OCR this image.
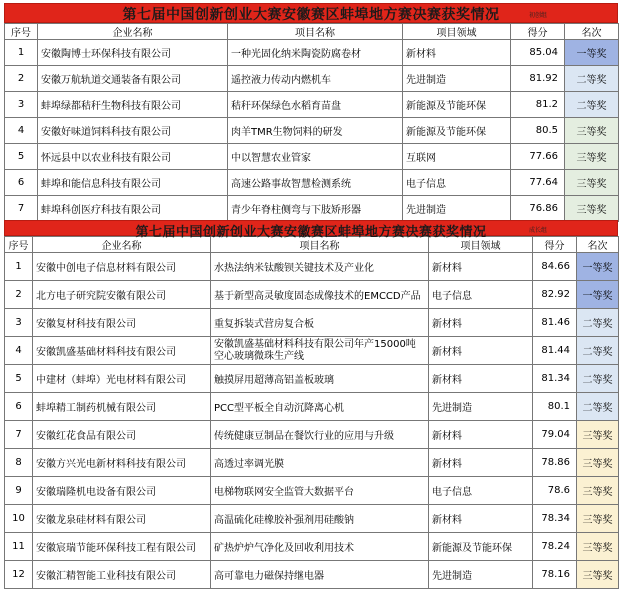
第七届中国创新创业大赛安徽赛区蚌埠地方赛决赛获奖情况	初创组
序号	企业名称	项目名称	项目领域	得分	名次
1	安徽陶博士环保科技有限公司	一种光固化纳米陶瓷防腐卷材	新材料	85.04	一等奖
2	安徽万航轨道交通装备有限公司	遥控液力传动内燃机车	先进制造	81.92	二等奖
3	蚌埠绿都秸秆生物科技有限公司	秸秆环保绿色水稻育苗盘	新能源及节能环保	81.2	二等奖
4	安徽好味道饲料科技有限公司	肉羊TMR生物饲料的研发	新能源及节能环保	80.5	三等奖
5	怀远县中以农业科技有限公司	中以智慧农业管家	互联网	77.66	三等奖
6	蚌埠和能信息科技有限公司	高速公路事故智慧检测系统	电子信息	77.64	三等奖
7	蚌埠科创医疗科技有限公司	青少年脊柱侧弯与下肢矫形器	先进制造	76.86	三等奖
第七届中国创新创业大赛安徽赛区蚌埠地方赛决赛获奖情况	成长组
序号	企业名称	项目名称	项目领域	得分	名次
1	安徽中创电子信息材料有限公司	水热法纳米钛酸钡关键技术及产业化	新材料	84.66	一等奖
2	北方电子研究院安徽有限公司	基于新型高灵敏度固态成像技术的EMCCD产品	电子信息	82.92	一等奖
3	安徽复材科技有限公司	重复拆装式营房复合板	新材料	81.46	二等奖
4	安徽凯盛基础材料科技有限公司	安徽凯盛基础材料科技有限公司年产15000吨空心玻璃微珠生产线	新材料	81.44	二等奖
5	中建材（蚌埠）光电材料有限公司	触摸屏用超薄高铝盖板玻璃	新材料	81.34	二等奖
6	蚌埠精工制药机械有限公司	PCC型平板全自动沉降离心机	先进制造	80.1	二等奖
7	安徽红花食品有限公司	传统健康豆制品在餐饮行业的应用与升级	新材料	79.04	三等奖
8	安徽方兴光电新材料科技有限公司	高透过率调光膜	新材料	78.86	三等奖
9	安徽瑞隆机电设备有限公司	电梯物联网安全监管大数据平台	电子信息	78.6	三等奖
10	安徽龙泉硅材料有限公司	高温硫化硅橡胶补强剂用硅酸钠	新材料	78.34	三等奖
11	安徽宸瑞节能环保科技工程有限公司	矿热炉炉气净化及回收利用技术	新能源及节能环保	78.24	三等奖
12	安徽汇精智能工业科技有限公司	高可靠电力磁保持继电器	先进制造	78.16	三等奖
